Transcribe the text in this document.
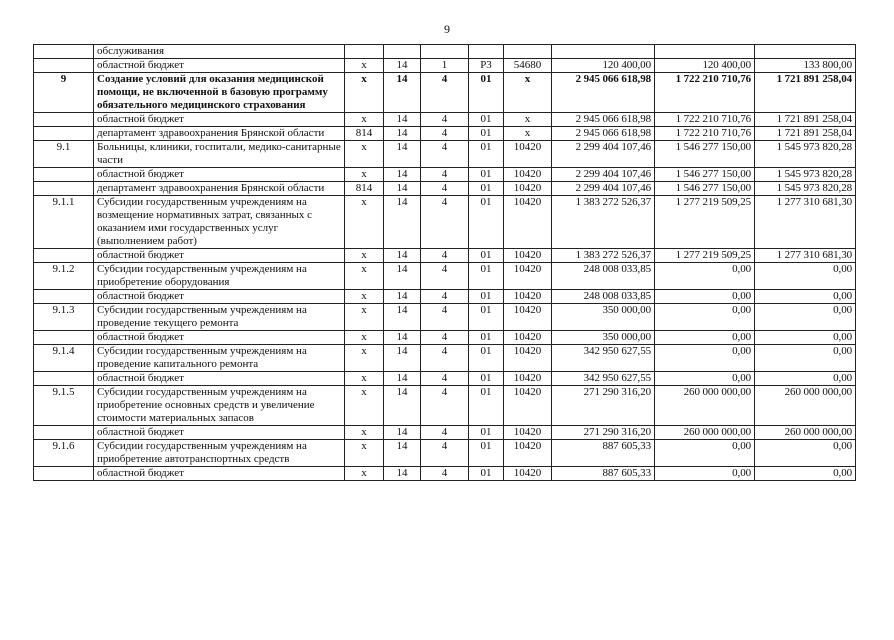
9
	обслуживания								
	областной бюджет	х	14	1	Р3	54680	120 400,00	120 400,00	133 800,00
9	Создание условий для оказания медицинской помощи, не включенной в базовую программу обязательного медицинского страхования	х	14	4	01	х	2 945 066 618,98	1 722 210 710,76	1 721 891 258,04
	областной бюджет	х	14	4	01	х	2 945 066 618,98	1 722 210 710,76	1 721 891 258,04
	департамент здравоохранения Брянской области	814	14	4	01	х	2 945 066 618,98	1 722 210 710,76	1 721 891 258,04
9.1	Больницы, клиники, госпитали, медико-санитарные части	х	14	4	01	10420	2 299 404 107,46	1 546 277 150,00	1 545 973 820,28
	областной бюджет	х	14	4	01	10420	2 299 404 107,46	1 546 277 150,00	1 545 973 820,28
	департамент здравоохранения Брянской области	814	14	4	01	10420	2 299 404 107,46	1 546 277 150,00	1 545 973 820,28
9.1.1	Субсидии государственным учреждениям на возмещение нормативных затрат, связанных с оказанием ими государственных услуг (выполнением работ)	х	14	4	01	10420	1 383 272 526,37	1 277 219 509,25	1 277 310 681,30
	областной бюджет	х	14	4	01	10420	1 383 272 526,37	1 277 219 509,25	1 277 310 681,30
9.1.2	Субсидии государственным учреждениям на приобретение оборудования	х	14	4	01	10420	248 008 033,85	0,00	0,00
	областной бюджет	х	14	4	01	10420	248 008 033,85	0,00	0,00
9.1.3	Субсидии государственным учреждениям на проведение текущего ремонта	х	14	4	01	10420	350 000,00	0,00	0,00
	областной бюджет	х	14	4	01	10420	350 000,00	0,00	0,00
9.1.4	Субсидии государственным учреждениям на проведение капитального ремонта	х	14	4	01	10420	342 950 627,55	0,00	0,00
	областной бюджет	х	14	4	01	10420	342 950 627,55	0,00	0,00
9.1.5	Субсидии государственным учреждениям на приобретение основных средств и увеличение стоимости материальных запасов	х	14	4	01	10420	271 290 316,20	260 000 000,00	260 000 000,00
	областной бюджет	х	14	4	01	10420	271 290 316,20	260 000 000,00	260 000 000,00
9.1.6	Субсидии государственным учреждениям на приобретение автотранспортных средств	х	14	4	01	10420	887 605,33	0,00	0,00
	областной бюджет	х	14	4	01	10420	887 605,33	0,00	0,00
